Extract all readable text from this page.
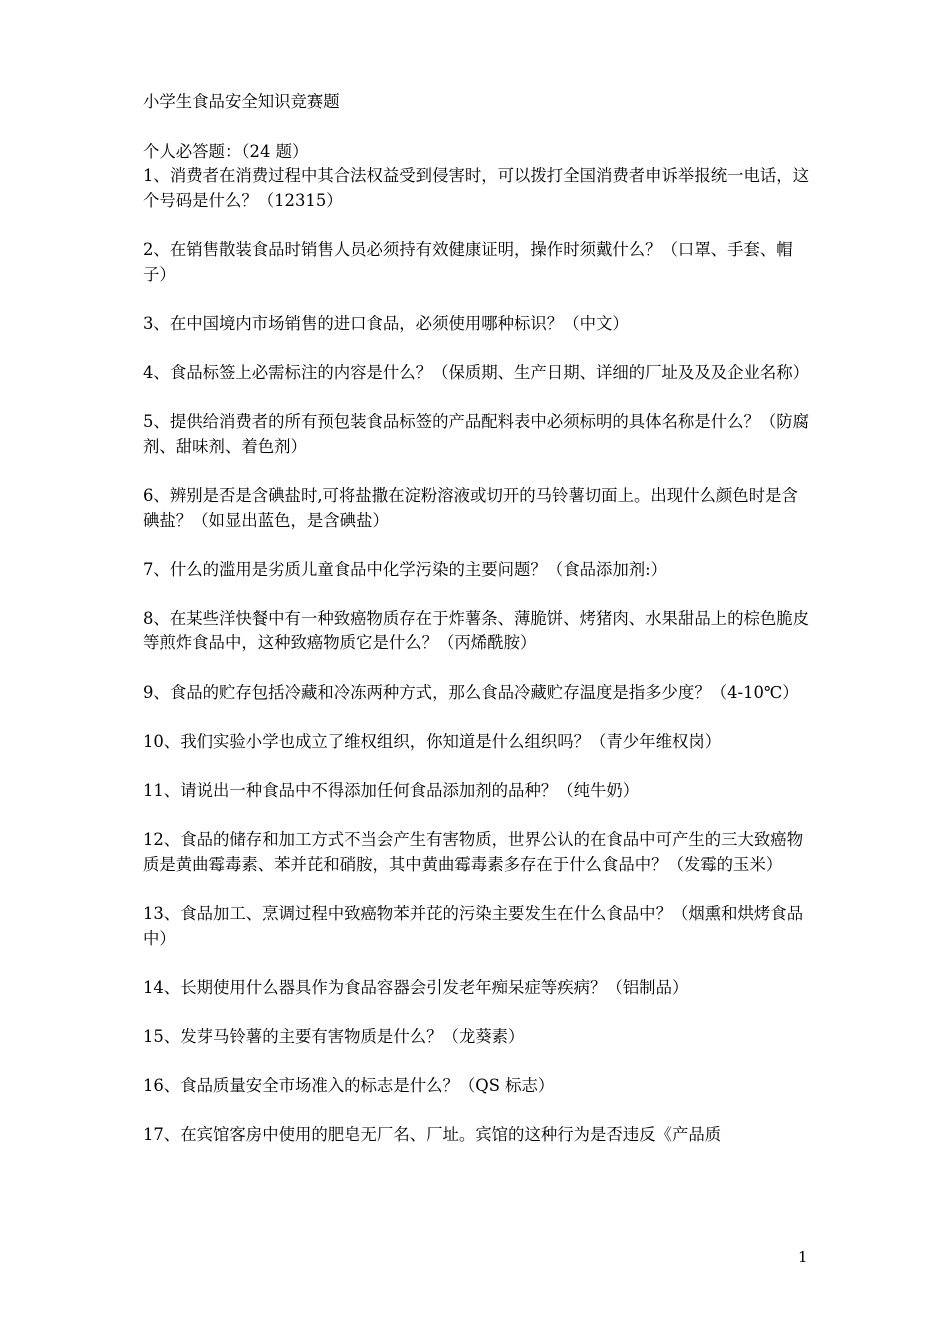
小学生食品安全知识竞赛题
个人必答题：（24 题）

1、消费者在消费过程中其合法权益受到侵害时，可以拨打全国消费者申诉举报统一电话，这个号码是什么？（12315）

2、在销售散装食品时销售人员必须持有效健康证明，操作时须戴什么？（口罩、手套、帽子）

3、在中国境内市场销售的进口食品，必须使用哪种标识？（中文）

4、食品标签上必需标注的内容是什么？（保质期、生产日期、详细的厂址及及及企业名称）

5、提供给消费者的所有预包装食品标签的产品配料表中必须标明的具体名称是什么？（防腐剂、甜味剂、着色剂）

6、辨别是否是含碘盐时,可将盐撒在淀粉溶液或切开的马铃薯切面上。出现什么颜色时是含碘盐？（如显出蓝色，是含碘盐）

7、什么的滥用是劣质儿童食品中化学污染的主要问题？（食品添加剂:）

8、在某些洋快餐中有一种致癌物质存在于炸薯条、薄脆饼、烤猪肉、水果甜品上的棕色脆皮等煎炸食品中，这种致癌物质它是什么？（丙烯酰胺）

9、食品的贮存包括冷藏和冷冻两种方式，那么食品冷藏贮存温度是指多少度？（4-10℃）

10、我们实验小学也成立了维权组织，你知道是什么组织吗？（青少年维权岗）

11、请说出一种食品中不得添加任何食品添加剂的品种？（纯牛奶）

12、食品的储存和加工方式不当会产生有害物质，世界公认的在食品中可产生的三大致癌物质是黄曲霉毒素、苯并芘和硝胺，其中黄曲霉毒素多存在于什么食品中？（发霉的玉米）

13、食品加工、烹调过程中致癌物苯并芘的污染主要发生在什么食品中？（烟熏和烘烤食品中）

14、长期使用什么器具作为食品容器会引发老年痴呆症等疾病？（铝制品）

15、发芽马铃薯的主要有害物质是什么？（龙葵素）

16、食品质量安全市场准入的标志是什么？（QS 标志）

17、在宾馆客房中使用的肥皂无厂名、厂址。宾馆的这种行为是否违反《产品质

1
